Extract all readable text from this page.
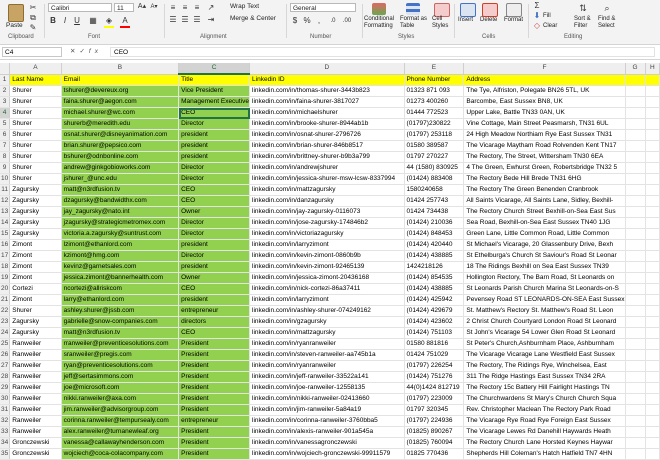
Paste
✂
⧉
✎
Clipboard
Calibri	11	A▴ A▾
B I	U ▦ ◈ A
Font
≡ ≡ ≡	↗ Wrap Text
☰ ☰ ☰ ⇥ Merge & Center
Alignment
General
$ % ,	.0	.00
Number
Conditional Formatting
Format as Table
Cell Styles
Styles
Insert Delete Format
Cells
Σ
⬇ Fill
◇ Clear
⇅
Sort & Filter
⌕
Find & Select
Editing
C4	✕✓fx	CEO
	A	B	C	D	E	F	G	H
1	Last Name	Email	Title	Linkedin ID	Phone Number	Address		
2	Shurer	tshurer@devereux.org	Vice President	linkedin.com/in/thomas-shurer-3443b823	01323 871 093	The Tye, Alfriston, Polegate BN26 5TL, UK		
3	Shurer	faina.shurer@aegon.com	Management Executive	linkedin.com/in/faina-shurer-3817027	01273 400260	Barcombe, East Sussex BN8, UK		
4	Shurer	michael.shurer@wc.com	CEO	linkedin.com/in/michaelshurer	01444 772523	Upper Lake, Battle TN33 0AN, UK		
5	Shurer	shurerb@meredith.edu	Director	linkedin.com/in/brooke-shurer-8944ab1b	(01797)230822	Vine Cottage, Main Street Peasmarsh, TN31 6UL		
6	Shurer	osnat.shurer@disneyanimation.com	president	linkedin.com/in/osnat-shurer-2796726	(01797) 253118	24 High Meadow Northiam Rye East Sussex TN31		
7	Shurer	brian.shurer@pepsico.com	president	linkedin.com/in/brian-shurer-846b8517	01580 389587	The Vicarage Maytham Road Rolvenden Kent TN17		
8	Shurer	bshurer@odnbonline.com	president	linkedin.com/in/brittney-shurer-b9b3a799	01797 270227	The Rectory, The Street, Wittersham TN30 6EA		
9	Shurer	andrew@ginkgobioworks.com	Director	linkedin.com/in/andrewjshurer	44 (1580) 830925	4 The Green, Ewhurst Green, Robertsbridge TN32 5		
10	Shurer	jshurer_@unc.edu	Director	linkedin.com/in/jessica-shurer-msw-lcsw-8337994	(01424) 883408	The Rectory Bede Hill Brede TN31 6HG		
11	Zagursky	matt@n3rdfusion.tv	CEO	linkedin.com/in/mattzagursky	1580240658	The Rectory The Green Benenden Cranbrook		
12	Zagursky	dzagursky@bandwidthx.com	CEO	linkedin.com/in/danzagursky	01424 257743	All Saints Vicarage, All Saints Lane, Sidley, Bexhill-		
13	Zagursky	jay_zagursky@nato.int	Owner	linkedin.com/in/jay-zagursky-0116073	01424 734438	The Rectory Church Street Bexhill-on-Sea East Sus		
14	Zagursky	jzagursky@strategicmetromex.com	Director	linkedin.com/in/jose-zagursky-174846b2	(01424) 210036	Sea Road, Bexhill-on-Sea East Sussex TN40 1JG		
15	Zagursky	victoria.a.zagursky@suntrust.com	Director	linkedin.com/in/victoriazagursky	(01424) 848453	Green Lane, Little Common Road, Little Common		
16	Zimont	lzimont@ethanlord.com	president	linkedin.com/in/larryzimont	(01424) 420440	St Michael's Vicarage, 20 Glassenbury Drive, Bexh		
17	Zimont	kzimont@hmg.com	Director	linkedin.com/in/kevin-zimont-0860b9b	(01424) 438885	St Ethelburga's Church St Saviour's Road St Leonar		
18	Zimont	kevinz@garnetsales.com	president	linkedin.com/in/kevin-zimont-92465139	1424218126	18 The Ridings Bexhill on Sea East Sussex TN39		
19	Zimont	jessica.zimont@bannerhealth.com	Owner	linkedin.com/in/jessica-zimont-20436168	(01424) 854535	Hollington Rectory, The Barn Road, St Leonards on		
20	Cortezi	ncortezi@allriskcom	CEO	linkedin.com/in/nick-cortezi-86a37411	(01424) 438885	St Leonards Parish Church Marina St Leonards-on-S		
21	Zimont	larry@ethanlord.com	president	linkedin.com/in/larryzimont	(01424) 425942	Pevensey Road ST LEONARDS-ON-SEA East Sussex		
22	Shurer	ashley.shurer@jssb.com	entrepreneur	linkedin.com/in/ashley-shurer-074249162	(01424) 429679	St. Matthew's Rectory St. Matthew's Road St. Leon		
23	Zagursky	gabrielle@snow-companies.com	directors	linkedin.com/in/gzagursky	(01424) 423602	2 Christ Church Courtyard London Road St Leonard		
24	Zagursky	matt@n3rdfusion.tv	CEO	linkedin.com/in/mattzagursky	(01424) 751103	St John's Vicarage 54 Lower Glen Road St Leonard		
25	Ranweiler	rranweiler@preventicesolutions.com	President	linkedin.com/in/ryanranweiler	01580 881816	St Peter's Church,Ashburnham Place, Ashburnham		
26	Ranweiler	sranweiler@pregis.com	President	linkedin.com/in/steven-ranweiler-aa745b1a	01424 751029	The Vicarage Vicarage Lane Westfield East Sussex		
27	Ranweiler	ryan@preventicesolutions.com	President	linkedin.com/in/ryanranweiler	(01797) 226254	The Rectory, The Ridings Rye, Winchelsea, East		
28	Ranweiler	jeff@sertasimmons.com	President	linkedin.com/in/jeff-ranweiler-33522a141	(01424) 751276	311 The Ridge Hastings East Sussex TN34 2RA		
29	Ranweiler	joe@microsoft.com	President	linkedin.com/in/joe-ranweiler-12558135	44(0)1424 812719	The Rectory 15c Battery Hill Fairlight Hastings TN		
30	Ranweiler	nikki.ranweiler@axa.com	President	linkedin.com/in/nikki-ranweiler-02413660	(01797) 223009	The Churchwardens St Mary's Church Church Squa		
31	Ranweiler	jim.ranweiler@advisorgroup.com	President	linkedin.com/in/jim-ranweiler-5a84a19	01797 320345	Rev. Christopher Maclean The Rectory Park Road		
32	Ranweiler	corinna.ranweiler@tempursealy.com	entrepreneur	linkedin.com/in/corinna-ranweiler-3760bba5	(01797) 224936	The Vicarage Rye Road Rye Foreign East Sussex		
33	Ranweiler	alex.ranweiler@turnanewleaf.org	President	linkedin.com/in/alexis-ranweiler-901a545a	(01825) 890267	The Vicarage Lewes Rd Danehill Haywards Heath		
34	Gronczewski	vanessa@callawayhenderson.com	President	linkedin.com/in/vanessagronczewski	(01825) 760094	The Rectory Church Lane Horsted Keynes Haywar		
35	Gronczewski	wojciech@coca-colacompany.com	President	linkedin.com/in/wojciech-gronczewski-99911579	01825 770436	Shepherds Hill Coleman's Hatch Hatfield TN7 4HN		
